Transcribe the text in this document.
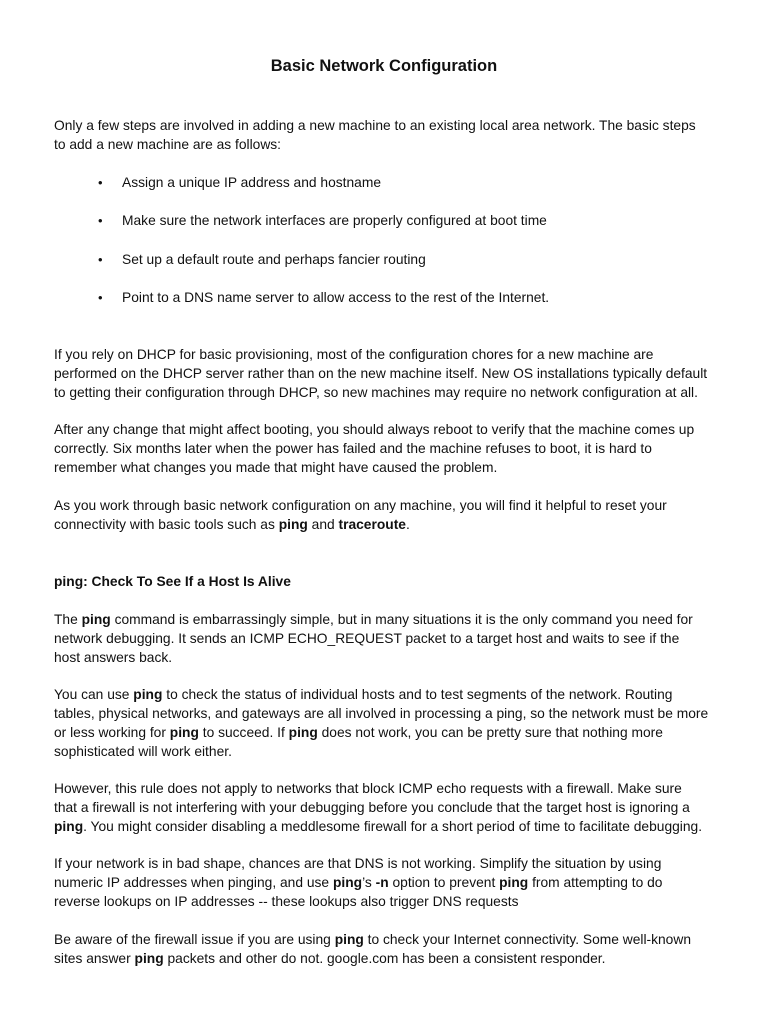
Basic Network Configuration
Only a few steps are involved in adding a new machine to an existing local area network. The basic steps
to add a new machine are as follows:
•	Assign a unique IP address and hostname
•	Make sure the network interfaces are properly configured at boot time
•	Set up a default route and perhaps fancier routing
•	Point to a DNS name server to allow access to the rest of the Internet.
If you rely on DHCP for basic provisioning, most of the configuration chores for a new machine are
performed on the DHCP server rather than on the new machine itself. New OS installations typically default
to getting their configuration through DHCP, so new machines may require no network configuration at all.
After any change that might affect booting, you should always reboot to verify that the machine comes up
correctly. Six months later when the power has failed and the machine refuses to boot, it is hard to
remember what changes you made that might have caused the problem.
As you work through basic network configuration on any machine, you will find it helpful to reset your
connectivity with basic tools such as ping and traceroute.
ping: Check To See If a Host Is Alive
The ping command is embarrassingly simple, but in many situations it is the only command you need for
network debugging. It sends an ICMP ECHO_REQUEST packet to a target host and waits to see if the
host answers back.
You can use ping to check the status of individual hosts and to test segments of the network. Routing
tables, physical networks, and gateways are all involved in processing a ping, so the network must be more
or less working for ping to succeed. If ping does not work, you can be pretty sure that nothing more
sophisticated will work either.
However, this rule does not apply to networks that block ICMP echo requests with a firewall. Make sure
that a firewall is not interfering with your debugging before you conclude that the target host is ignoring a
ping. You might consider disabling a meddlesome firewall for a short period of time to facilitate debugging.
If your network is in bad shape, chances are that DNS is not working. Simplify the situation by using
numeric IP addresses when pinging, and use ping’s -n option to prevent ping from attempting to do
reverse lookups on IP addresses -- these lookups also trigger DNS requests
Be aware of the firewall issue if you are using ping to check your Internet connectivity. Some well-known
sites answer ping packets and other do not. google.com has been a consistent responder.
